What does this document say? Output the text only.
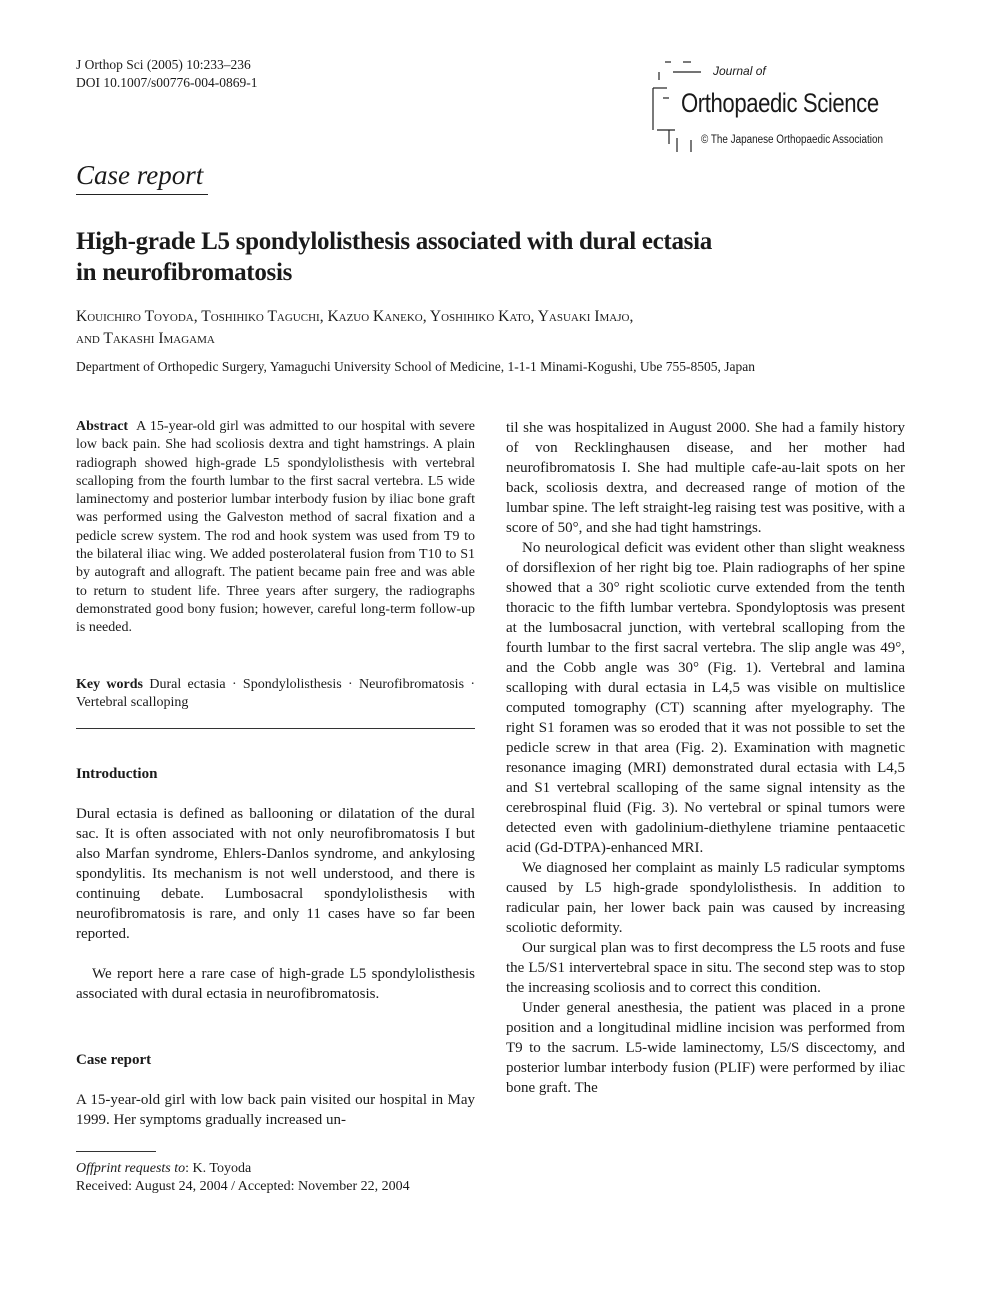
J Orthop Sci (2005) 10:233–236
DOI 10.1007/s00776-004-0869-1
Journal of
Orthopaedic Science
© The Japanese Orthopaedic Association
Case report
High-grade L5 spondylolisthesis associated with dural ectasia
in neurofibromatosis
Kouichiro Toyoda, Toshihiko Taguchi, Kazuo Kaneko, Yoshihiko Kato, Yasuaki Imajo,
and Takashi Imagama
Department of Orthopedic Surgery, Yamaguchi University School of Medicine, 1-1-1 Minami-Kogushi, Ube 755-8505, Japan
Abstract A 15-year-old girl was admitted to our hospital with severe low back pain. She had scoliosis dextra and tight hamstrings. A plain radiograph showed high-grade L5 spondylolisthesis with vertebral scalloping from the fourth lumbar to the first sacral vertebra. L5 wide laminectomy and posterior lumbar interbody fusion by iliac bone graft was performed using the Galveston method of sacral fixation and a pedicle screw system. The rod and hook system was used from T9 to the bilateral iliac wing. We added posterolateral fusion from T10 to S1 by autograft and allograft. The patient became pain free and was able to return to student life. Three years after surgery, the radiographs demonstrated good bony fusion; however, careful long-term follow-up is needed.
Key words Dural ectasia · Spondylolisthesis · Neurofibromatosis · Vertebral scalloping
Introduction

Dural ectasia is defined as ballooning or dilatation of the dural sac. It is often associated with not only neurofibromatosis I but also Marfan syndrome, Ehlers-Danlos syndrome, and ankylosing spondylitis. Its mechanism is not well understood, and there is continuing debate. Lumbosacral spondylolisthesis with neurofibromatosis is rare, and only 11 cases have so far been reported.

We report here a rare case of high-grade L5 spondylolisthesis associated with dural ectasia in neurofibromatosis.

Case report

A 15-year-old girl with low back pain visited our hospital in May 1999. Her symptoms gradually increased un-

Offprint requests to: K. Toyoda
Received: August 24, 2004 / Accepted: November 22, 2004

til she was hospitalized in August 2000. She had a family history of von Recklinghausen disease, and her mother had neurofibromatosis I. She had multiple cafe-au-lait spots on her back, scoliosis dextra, and decreased range of motion of the lumbar spine. The left straight-leg raising test was positive, with a score of 50°, and she had tight hamstrings.

No neurological deficit was evident other than slight weakness of dorsiflexion of her right big toe. Plain radiographs of her spine showed that a 30° right scoliotic curve extended from the tenth thoracic to the fifth lumbar vertebra. Spondyloptosis was present at the lumbosacral junction, with vertebral scalloping from the fourth lumbar to the first sacral vertebra. The slip angle was 49°, and the Cobb angle was 30° (Fig. 1). Vertebral and lamina scalloping with dural ectasia in L4,5 was visible on multislice computed tomography (CT) scanning after myelography. The right S1 foramen was so eroded that it was not possible to set the pedicle screw in that area (Fig. 2). Examination with magnetic resonance imaging (MRI) demonstrated dural ectasia with L4,5 and S1 vertebral scalloping of the same signal intensity as the cerebrospinal fluid (Fig. 3). No vertebral or spinal tumors were detected even with gadolinium-diethylene triamine pentaacetic acid (Gd-DTPA)-enhanced MRI.

We diagnosed her complaint as mainly L5 radicular symptoms caused by L5 high-grade spondylolisthesis. In addition to radicular pain, her lower back pain was caused by increasing scoliotic deformity.

Our surgical plan was to first decompress the L5 roots and fuse the L5/S1 intervertebral space in situ. The second step was to stop the increasing scoliosis and to correct this condition.

Under general anesthesia, the patient was placed in a prone position and a longitudinal midline incision was performed from T9 to the sacrum. L5-wide laminectomy, L5/S discectomy, and posterior lumbar interbody fusion (PLIF) were performed by iliac bone graft. The
